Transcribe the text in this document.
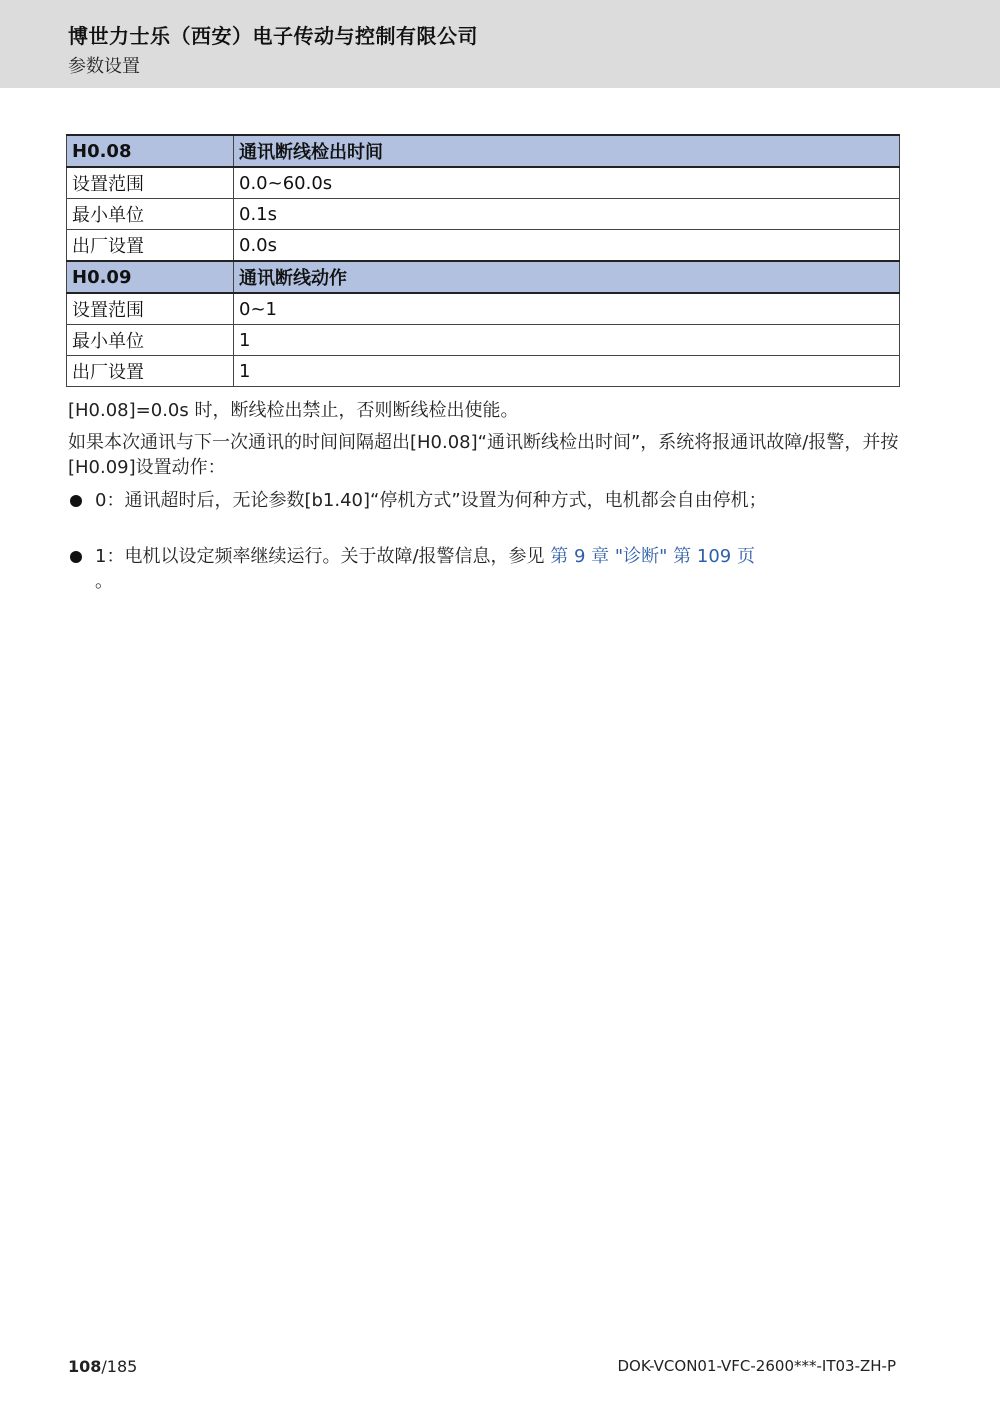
博世力士乐（西安）电子传动与控制有限公司
参数设置
H0.08	通讯断线检出时间
设置范围	0.0~60.0s
最小单位	0.1s
出厂设置	0.0s
H0.09	通讯断线动作
设置范围	0~1
最小单位	1
出厂设置	1
[H0.08]=0.0s 时，断线检出禁止，否则断线检出使能。
如果本次通讯与下一次通讯的时间间隔超出[H0.08]“通讯断线检出时间”，系统将报通讯故障/报警，并按[H0.09]设置动作：
0：通讯超时后，无论参数[b1.40]“停机方式”设置为何种方式，电机都会自由停机；
1：电机以设定频率继续运行。关于故障/报警信息，参见 第 9 章 "诊断" 第 109 页
。
108/185	DOK-VCON01-VFC-2600***-IT03-ZH-P
